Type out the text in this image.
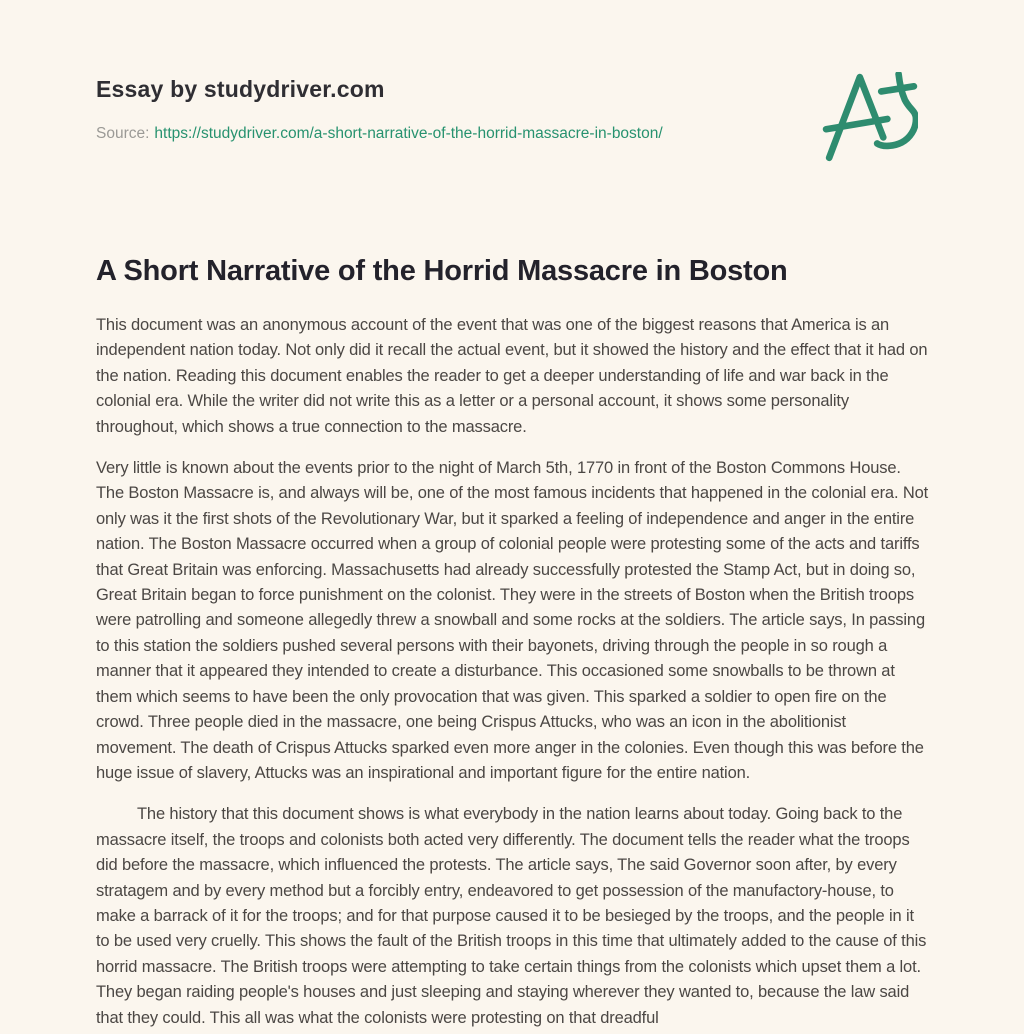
Essay by studydriver.com

Source: https://studydriver.com/a-short-narrative-of-the-horrid-massacre-in-boston/

A Short Narrative of the Horrid Massacre in Boston

This document was an anonymous account of the event that was one of the biggest reasons that America is an independent nation today. Not only did it recall the actual event, but it showed the history and the effect that it had on the nation. Reading this document enables the reader to get a deeper understanding of life and war back in the colonial era. While the writer did not write this as a letter or a personal account, it shows some personality throughout, which shows a true connection to the massacre.

Very little is known about the events prior to the night of March 5th, 1770 in front of the Boston Commons House. The Boston Massacre is, and always will be, one of the most famous incidents that happened in the colonial era. Not only was it the first shots of the Revolutionary War, but it sparked a feeling of independence and anger in the entire nation. The Boston Massacre occurred when a group of colonial people were protesting some of the acts and tariffs that Great Britain was enforcing. Massachusetts had already successfully protested the Stamp Act, but in doing so, Great Britain began to force punishment on the colonist. They were in the streets of Boston when the British troops were patrolling and someone allegedly threw a snowball and some rocks at the soldiers. The article says, In passing to this station the soldiers pushed several persons with their bayonets, driving through the people in so rough a manner that it appeared they intended to create a disturbance. This occasioned some snowballs to be thrown at them which seems to have been the only provocation that was given. This sparked a soldier to open fire on the crowd. Three people died in the massacre, one being Crispus Attucks, who was an icon in the abolitionist movement. The death of Crispus Attucks sparked even more anger in the colonies. Even though this was before the huge issue of slavery, Attucks was an inspirational and important figure for the entire nation.

The history that this document shows is what everybody in the nation learns about today. Going back to the massacre itself, the troops and colonists both acted very differently. The document tells the reader what the troops did before the massacre, which influenced the protests. The article says, The said Governor soon after, by every stratagem and by every method but a forcibly entry, endeavored to get possession of the manufactory-house, to make a barrack of it for the troops; and for that purpose caused it to be besieged by the troops, and the people in it to be used very cruelly. This shows the fault of the British troops in this time that ultimately added to the cause of this horrid massacre. The British troops were attempting to take certain things from the colonists which upset them a lot. They began raiding people's houses and just sleeping and staying wherever they wanted to, because the law said that they could. This all was what the colonists were protesting on that dreadful
